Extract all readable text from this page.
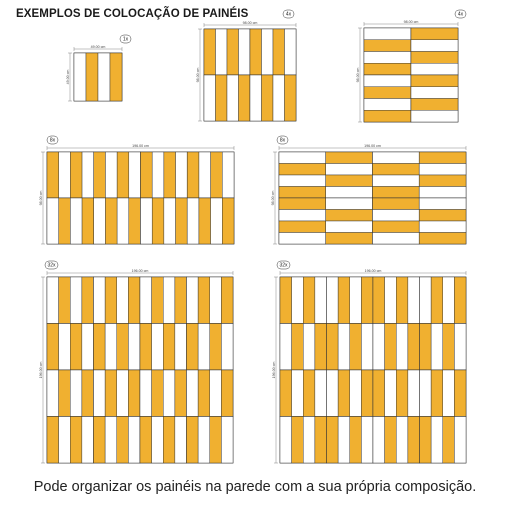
EXEMPLOS DE COLOCAÇÃO DE PAINÉIS
49.00 cm
49.00 cm
1x
98.00 cm
98.00 cm
4x
98.00 cm
98.00 cm
4x
196.00 cm
98.00 cm
8x
196.00 cm
98.00 cm
8x
196.00 cm
196.00 cm
32x
196.00 cm
196.00 cm
32x
Pode organizar os painéis na parede com a sua própria composição.
